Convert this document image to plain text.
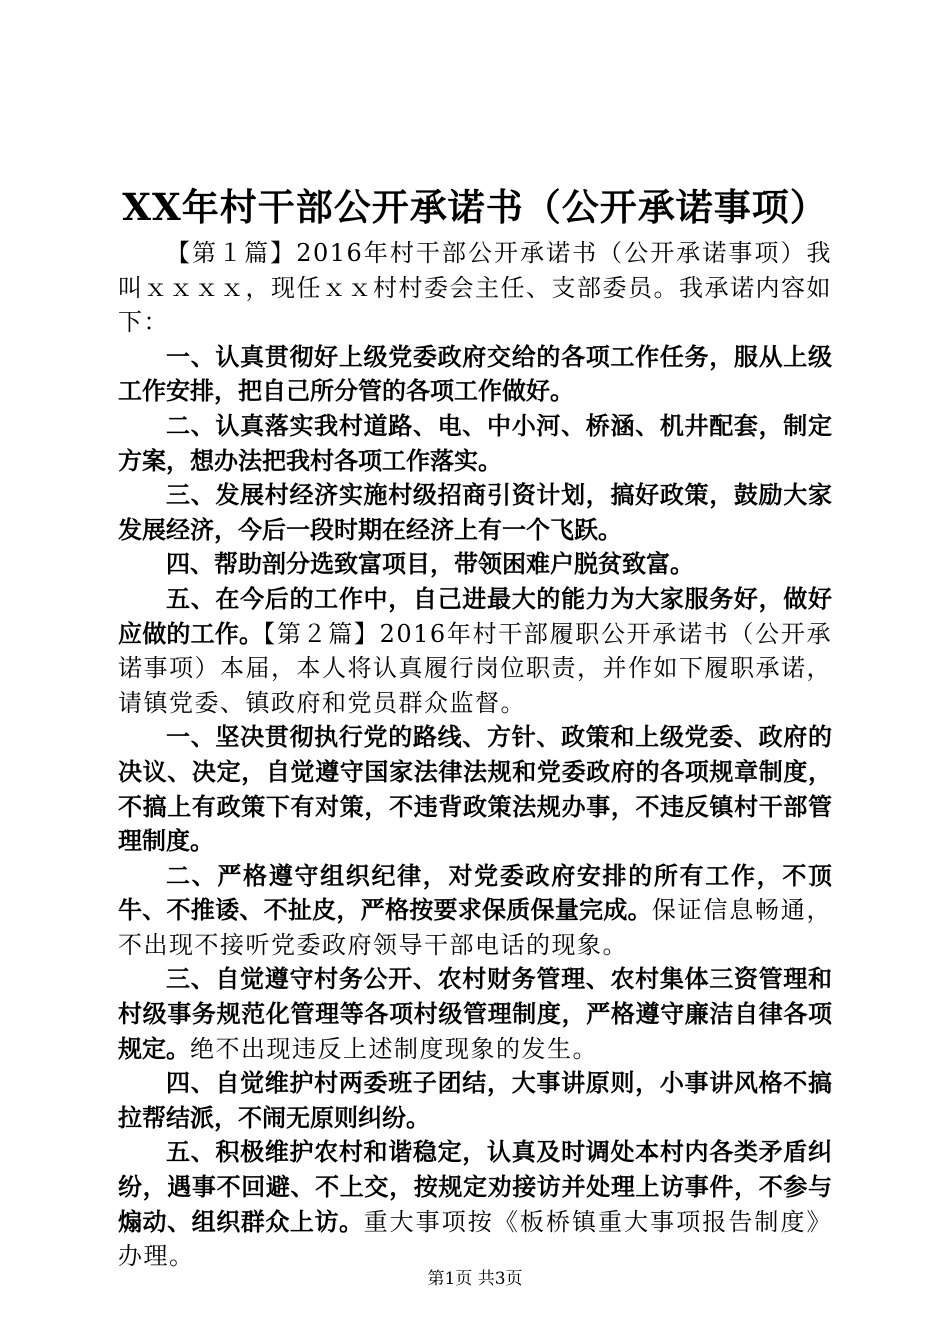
XX年村干部公开承诺书（公开承诺事项）

【第１篇】2016年村干部公开承诺书（公开承诺事项）我叫ｘｘｘｘ，现任ｘｘ村村委会主任、支部委员。我承诺内容如下：

一、认真贯彻好上级党委政府交给的各项工作任务，服从上级工作安排，把自己所分管的各项工作做好。

二、认真落实我村道路、电、中小河、桥涵、机井配套，制定方案，想办法把我村各项工作落实。

三、发展村经济实施村级招商引资计划，搞好政策，鼓励大家发展经济，今后一段时期在经济上有一个飞跃。

四、帮助剖分选致富项目，带领困难户脱贫致富。

五、在今后的工作中，自己进最大的能力为大家服务好，做好应做的工作。【第２篇】2016年村干部履职公开承诺书（公开承诺事项）本届，本人将认真履行岗位职责，并作如下履职承诺，请镇党委、镇政府和党员群众监督。

一、坚决贯彻执行党的路线、方针、政策和上级党委、政府的决议、决定，自觉遵守国家法律法规和党委政府的各项规章制度，不搞上有政策下有对策，不违背政策法规办事，不违反镇村干部管理制度。

二、严格遵守组织纪律，对党委政府安排的所有工作，不顶牛、不推诿、不扯皮，严格按要求保质保量完成。保证信息畅通，不出现不接听党委政府领导干部电话的现象。

三、自觉遵守村务公开、农村财务管理、农村集体三资管理和村级事务规范化管理等各项村级管理制度，严格遵守廉洁自律各项规定。绝不出现违反上述制度现象的发生。

四、自觉维护村两委班子团结，大事讲原则，小事讲风格不搞拉帮结派，不闹无原则纠纷。

五、积极维护农村和谐稳定，认真及时调处本村内各类矛盾纠纷，遇事不回避、不上交，按规定劝接访并处理上访事件，不参与煽动、组织群众上访。重大事项按《板桥镇重大事项报告制度》办理。

第1页 共3页
